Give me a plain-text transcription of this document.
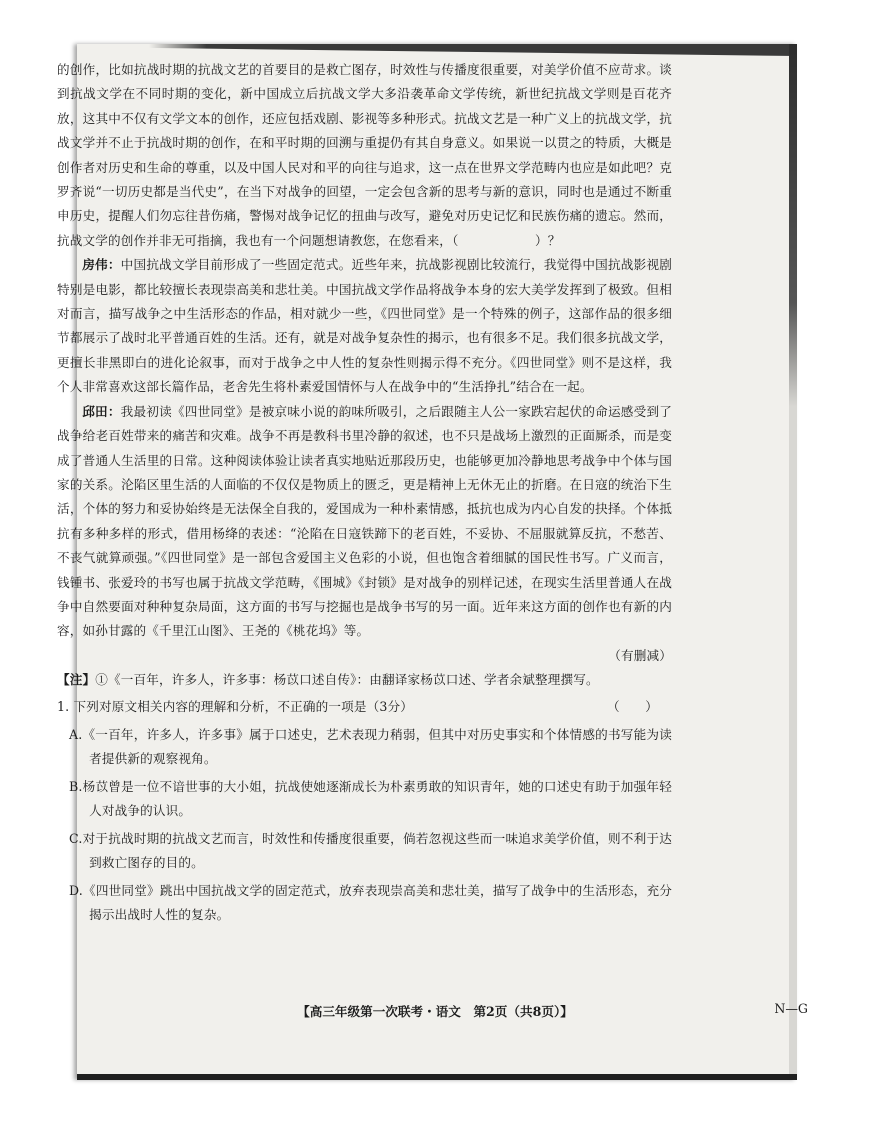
的创作，比如抗战时期的抗战文艺的首要目的是救亡图存，时效性与传播度很重要，对美学价值不应苛求。谈到抗战文学在不同时期的变化，新中国成立后抗战文学大多沿袭革命文学传统，新世纪抗战文学则是百花齐放，这其中不仅有文学文本的创作，还应包括戏剧、影视等多种形式。抗战文艺是一种广义上的抗战文学，抗战文学并不止于抗战时期的创作，在和平时期的回溯与重提仍有其自身意义。如果说一以贯之的特质，大概是创作者对历史和生命的尊重，以及中国人民对和平的向往与追求，这一点在世界文学范畴内也应是如此吧？克罗齐说“一切历史都是当代史”，在当下对战争的回望，一定会包含新的思考与新的意识，同时也是通过不断重申历史，提醒人们勿忘往昔伤痛，警惕对战争记忆的扭曲与改写，避免对历史记忆和民族伤痛的遗忘。然而，抗战文学的创作并非无可指摘，我也有一个问题想请教您，在您看来，（　　　　　　）？

房伟：中国抗战文学目前形成了一些固定范式。近些年来，抗战影视剧比较流行，我觉得中国抗战影视剧特别是电影，都比较擅长表现崇高美和悲壮美。中国抗战文学作品将战争本身的宏大美学发挥到了极致。但相对而言，描写战争之中生活形态的作品，相对就少一些，《四世同堂》是一个特殊的例子，这部作品的很多细节都展示了战时北平普通百姓的生活。还有，就是对战争复杂性的揭示，也有很多不足。我们很多抗战文学，更擅长非黑即白的进化论叙事，而对于战争之中人性的复杂性则揭示得不充分。《四世同堂》则不是这样，我个人非常喜欢这部长篇作品，老舍先生将朴素爱国情怀与人在战争中的“生活挣扎”结合在一起。

邱田：我最初读《四世同堂》是被京味小说的韵味所吸引，之后跟随主人公一家跌宕起伏的命运感受到了战争给老百姓带来的痛苦和灾难。战争不再是教科书里冷静的叙述，也不只是战场上激烈的正面厮杀，而是变成了普通人生活里的日常。这种阅读体验让读者真实地贴近那段历史，也能够更加冷静地思考战争中个体与国家的关系。沦陷区里生活的人面临的不仅仅是物质上的匮乏，更是精神上无休无止的折磨。在日寇的统治下生活，个体的努力和妥协始终是无法保全自我的，爱国成为一种朴素情感，抵抗也成为内心自发的抉择。个体抵抗有多种多样的形式，借用杨绛的表述：“沦陷在日寇铁蹄下的老百姓，不妥协、不屈服就算反抗，不愁苦、不丧气就算顽强。”《四世同堂》是一部包含爱国主义色彩的小说，但也饱含着细腻的国民性书写。广义而言，钱锺书、张爱玲的书写也属于抗战文学范畴，《围城》《封锁》是对战争的别样记述，在现实生活里普通人在战争中自然要面对种种复杂局面，这方面的书写与挖掘也是战争书写的另一面。近年来这方面的创作也有新的内容，如孙甘露的《千里江山图》、王尧的《桃花坞》等。

（有删减）

【注】①《一百年，许多人，许多事：杨苡口述自传》：由翻译家杨苡口述、学者余斌整理撰写。

1. 下列对原文相关内容的理解和分析，不正确的一项是（3分）	（　　）
A.《一百年，许多人，许多事》属于口述史，艺术表现力稍弱，但其中对历史事实和个体情感的书写能为读者提供新的观察视角。
B.杨苡曾是一位不谙世事的大小姐，抗战使她逐渐成长为朴素勇敢的知识青年，她的口述史有助于加强年轻人对战争的认识。
C.对于抗战时期的抗战文艺而言，时效性和传播度很重要，倘若忽视这些而一味追求美学价值，则不利于达到救亡图存的目的。
D.《四世同堂》跳出中国抗战文学的固定范式，放弃表现崇高美和悲壮美，描写了战争中的生活形态，充分揭示出战时人性的复杂。
【高三年级第一次联考・语文　第2页（共8页）】	N—G
